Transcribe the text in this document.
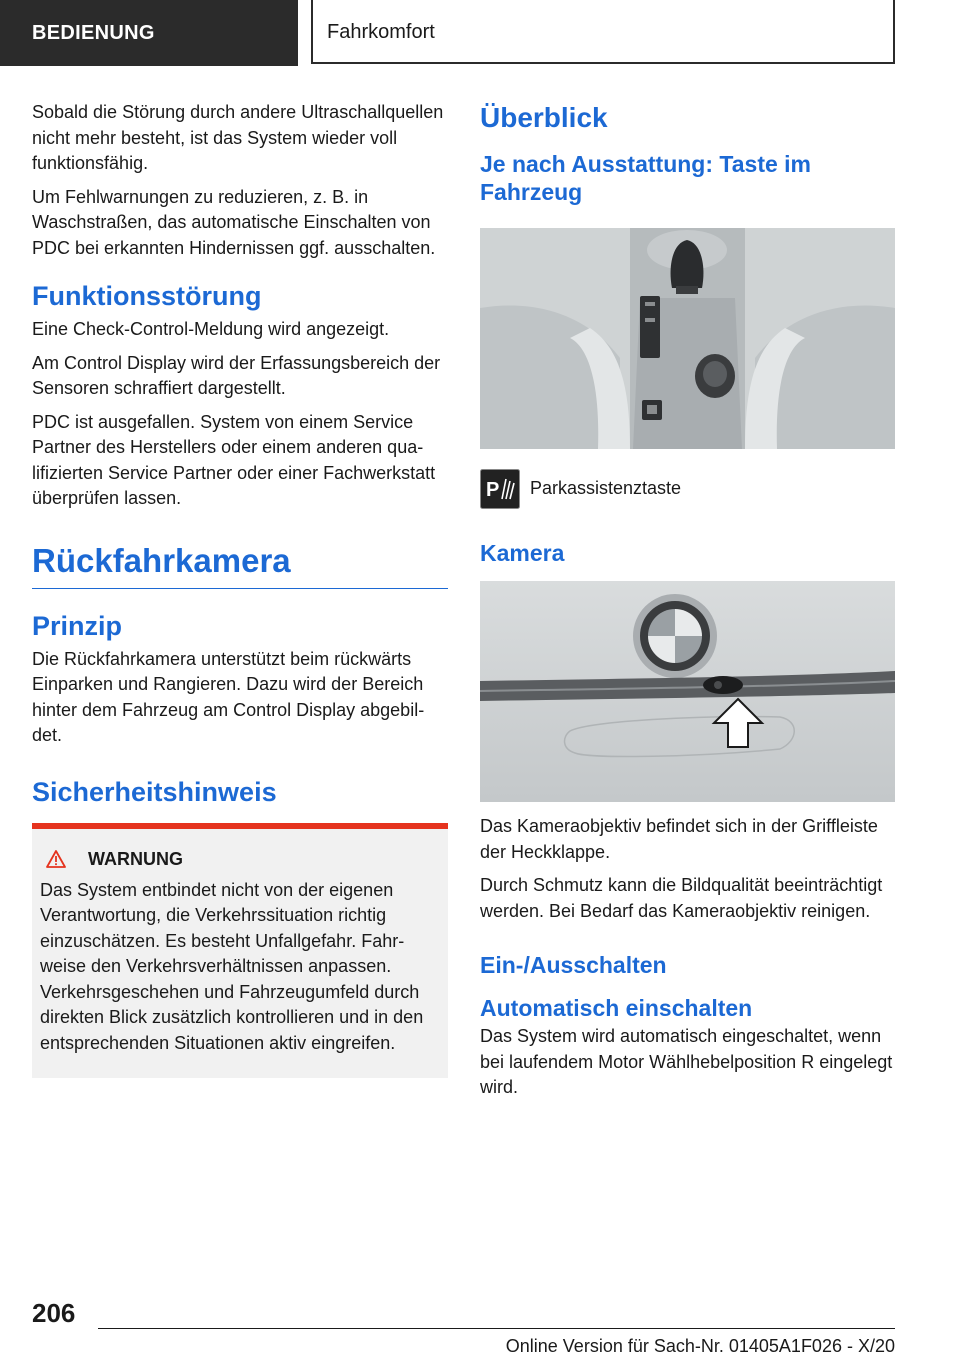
BEDIENUNG	Fahrkomfort

Sobald die Störung durch andere Ultraschallquellen nicht mehr besteht, ist das System wieder voll funktionsfähig.

Um Fehlwarnungen zu reduzieren, z. B. in Waschstraßen, das automatische Einschalten von PDC bei erkannten Hindernissen ggf. ausschalten.

Funktionsstörung

Eine Check-Control-Meldung wird angezeigt.

Am Control Display wird der Erfassungsbereich der Sensoren schraffiert dargestellt.

PDC ist ausgefallen. System von einem Service Partner des Herstellers oder einem anderen qualifizierten Service Partner oder einer Fachwerkstatt überprüfen lassen.

Rückfahrkamera
Prinzip

Die Rückfahrkamera unterstützt beim rückwärts Einparken und Rangieren. Dazu wird der Bereich hinter dem Fahrzeug am Control Display abgebildet.

Sicherheitshinweis
WARNUNG

Das System entbindet nicht von der eigenen Verantwortung, die Verkehrssituation richtig einzuschätzen. Es besteht Unfallgefahr. Fahrweise den Verkehrsverhältnissen anpassen. Verkehrsgeschehen und Fahrzeugumfeld durch direkten Blick zusätzlich kontrollieren und in den entsprechenden Situationen aktiv eingreifen.

Überblick
Je nach Ausstattung: Taste im Fahrzeug
P Parkassistenztaste
Kamera

Das Kameraobjektiv befindet sich in der Griffleiste der Heckklappe.

Durch Schmutz kann die Bildqualität beeinträchtigt werden. Bei Bedarf das Kameraobjektiv reinigen.

Ein-/Ausschalten
Automatisch einschalten

Das System wird automatisch eingeschaltet, wenn bei laufendem Motor Wählhebelposition R eingelegt wird.

206
Online Version für Sach-Nr. 01405A1F026 - X/20
